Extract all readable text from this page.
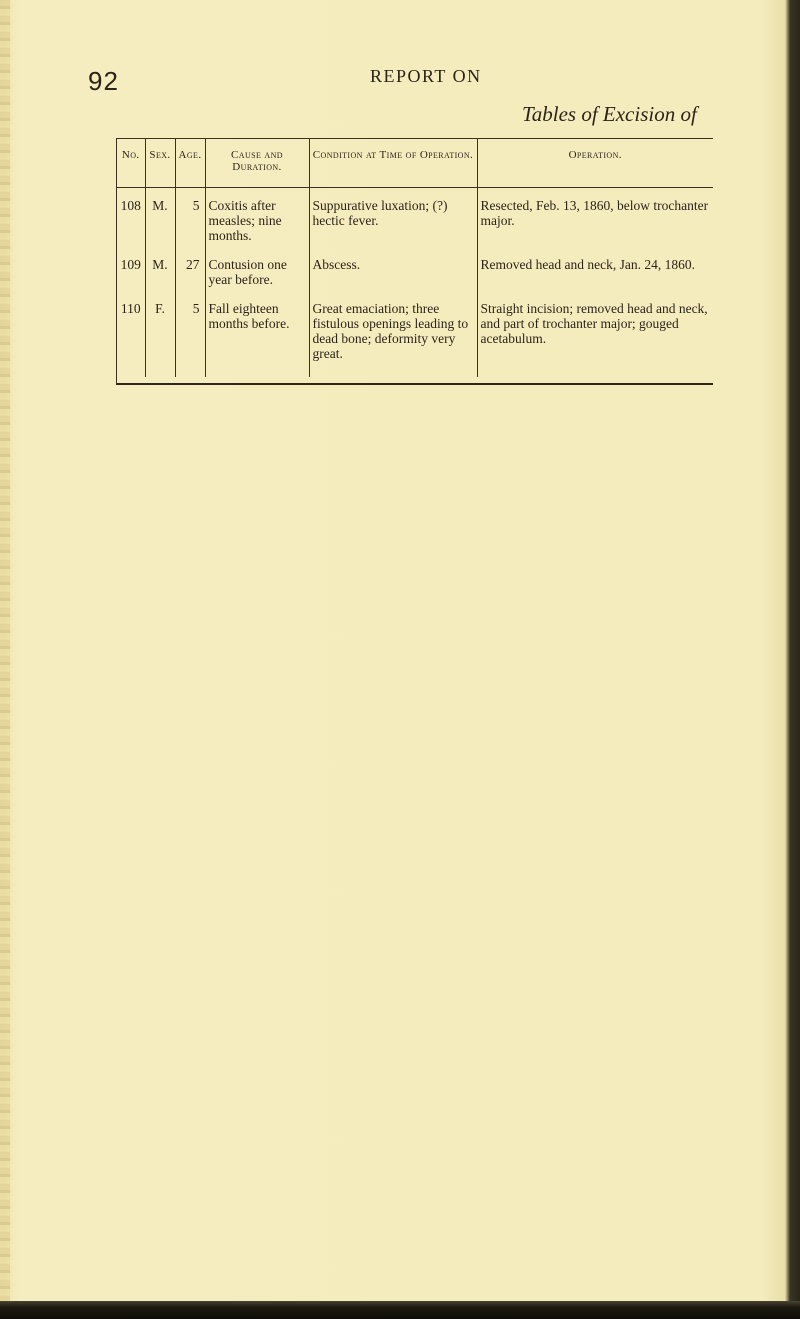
92	REPORT ON
Tables of Excision of
No.	Sex.	Age.	Cause and Duration.	Condition at Time of Operation.	Operation.
108	M.	5	Coxitis after measles; nine months.	Suppurative luxation; (?) hectic fever.	Resected, Feb. 13, 1860, below trochanter major.
109	M.	27	Contusion one year before.	Abscess.	Removed head and neck, Jan. 24, 1860.
110	F.	5	Fall eighteen months before.	Great emaciation; three fistulous openings leading to dead bone; deformity very great.	Straight incision; removed head and neck, and part of trochanter major; gouged acetabulum.
